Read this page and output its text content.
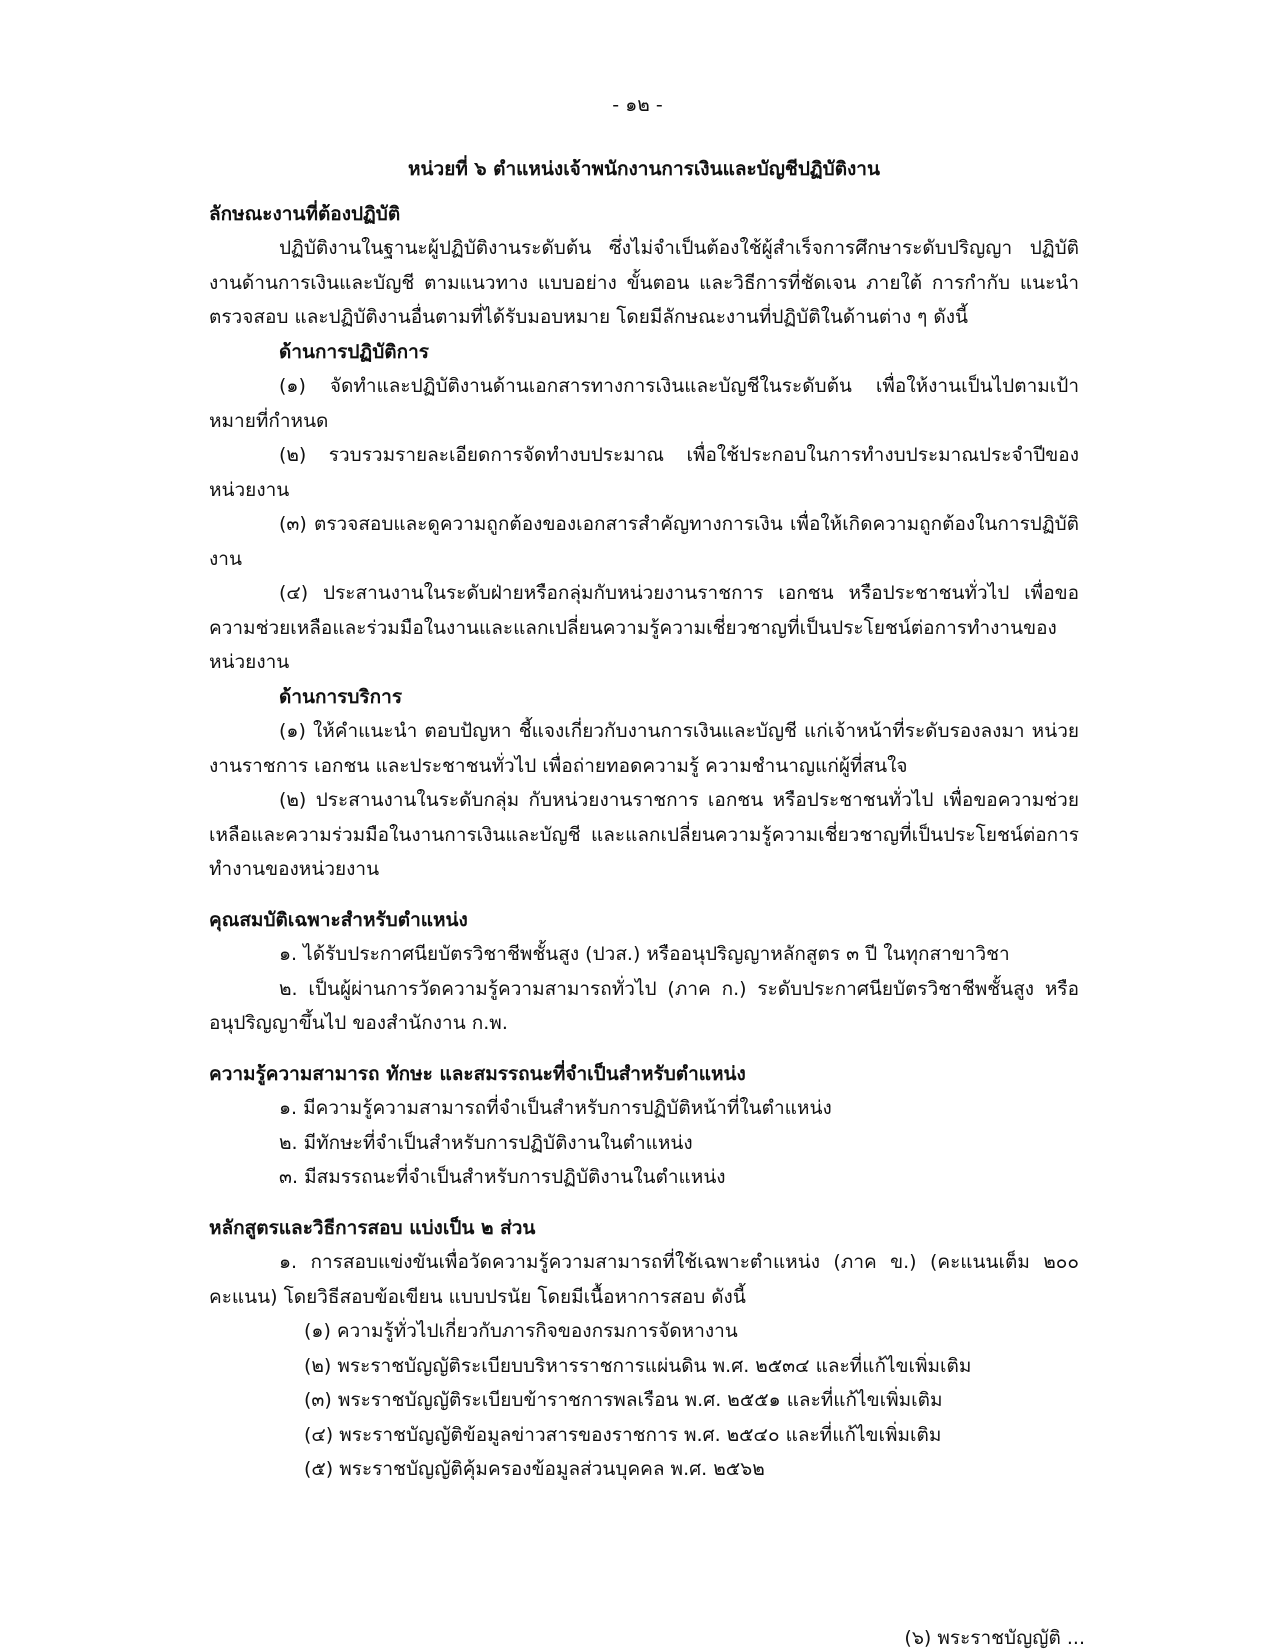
- ๑๒ -

หน่วยที่ ๖ ตำแหน่งเจ้าพนักงานการเงินและบัญชีปฏิบัติงาน

ลักษณะงานที่ต้องปฏิบัติ

ปฏิบัติงานในฐานะผู้ปฏิบัติงานระดับต้น ซึ่งไม่จำเป็นต้องใช้ผู้สำเร็จการศึกษาระดับปริญญา ปฏิบัติงานด้านการเงินและบัญชี ตามแนวทาง แบบอย่าง ขั้นตอน และวิธีการที่ชัดเจน ภายใต้ การกำกับ แนะนำ ตรวจสอบ และปฏิบัติงานอื่นตามที่ได้รับมอบหมาย โดยมีลักษณะงานที่ปฏิบัติในด้านต่าง ๆ ดังนี้

ด้านการปฏิบัติการ

(๑) จัดทำและปฏิบัติงานด้านเอกสารทางการเงินและบัญชีในระดับต้น เพื่อให้งานเป็นไปตามเป้าหมายที่กำหนด

(๒) รวบรวมรายละเอียดการจัดทำงบประมาณ เพื่อใช้ประกอบในการทำงบประมาณประจำปีของหน่วยงาน

(๓) ตรวจสอบและดูความถูกต้องของเอกสารสำคัญทางการเงิน เพื่อให้เกิดความถูกต้องในการปฏิบัติงาน

(๔) ประสานงานในระดับฝ่ายหรือกลุ่มกับหน่วยงานราชการ เอกชน หรือประชาชนทั่วไป เพื่อขอความช่วยเหลือและร่วมมือในงานและแลกเปลี่ยนความรู้ความเชี่ยวชาญที่เป็นประโยชน์ต่อการทำงานของหน่วยงาน

ด้านการบริการ

(๑) ให้คำแนะนำ ตอบปัญหา ชี้แจงเกี่ยวกับงานการเงินและบัญชี แก่เจ้าหน้าที่ระดับรองลงมา หน่วยงานราชการ เอกชน และประชาชนทั่วไป เพื่อถ่ายทอดความรู้ ความชำนาญแก่ผู้ที่สนใจ

(๒) ประสานงานในระดับกลุ่ม กับหน่วยงานราชการ เอกชน หรือประชาชนทั่วไป เพื่อขอความช่วยเหลือและความร่วมมือในงานการเงินและบัญชี และแลกเปลี่ยนความรู้ความเชี่ยวชาญที่เป็นประโยชน์ต่อการทำงานของหน่วยงาน

คุณสมบัติเฉพาะสำหรับตำแหน่ง

๑. ได้รับประกาศนียบัตรวิชาชีพชั้นสูง (ปวส.) หรืออนุปริญญาหลักสูตร ๓ ปี ในทุกสาขาวิชา

๒. เป็นผู้ผ่านการวัดความรู้ความสามารถทั่วไป (ภาค ก.) ระดับประกาศนียบัตรวิชาชีพชั้นสูง หรืออนุปริญญาขึ้นไป ของสำนักงาน ก.พ.

ความรู้ความสามารถ ทักษะ และสมรรถนะที่จำเป็นสำหรับตำแหน่ง

๑. มีความรู้ความสามารถที่จำเป็นสำหรับการปฏิบัติหน้าที่ในตำแหน่ง

๒. มีทักษะที่จำเป็นสำหรับการปฏิบัติงานในตำแหน่ง

๓. มีสมรรถนะที่จำเป็นสำหรับการปฏิบัติงานในตำแหน่ง

หลักสูตรและวิธีการสอบ แบ่งเป็น ๒ ส่วน

๑. การสอบแข่งขันเพื่อวัดความรู้ความสามารถที่ใช้เฉพาะตำแหน่ง (ภาค ข.) (คะแนนเต็ม ๒๐๐ คะแนน) โดยวิธีสอบข้อเขียน แบบปรนัย โดยมีเนื้อหาการสอบ ดังนี้

(๑) ความรู้ทั่วไปเกี่ยวกับภารกิจของกรมการจัดหางาน

(๒) พระราชบัญญัติระเบียบบริหารราชการแผ่นดิน พ.ศ. ๒๕๓๔ และที่แก้ไขเพิ่มเติม

(๓) พระราชบัญญัติระเบียบข้าราชการพลเรือน พ.ศ. ๒๕๕๑ และที่แก้ไขเพิ่มเติม

(๔) พระราชบัญญัติข้อมูลข่าวสารของราชการ พ.ศ. ๒๕๔๐ และที่แก้ไขเพิ่มเติม

(๕) พระราชบัญญัติคุ้มครองข้อมูลส่วนบุคคล พ.ศ. ๒๕๖๒

(๖) พระราชบัญญัติ ...
